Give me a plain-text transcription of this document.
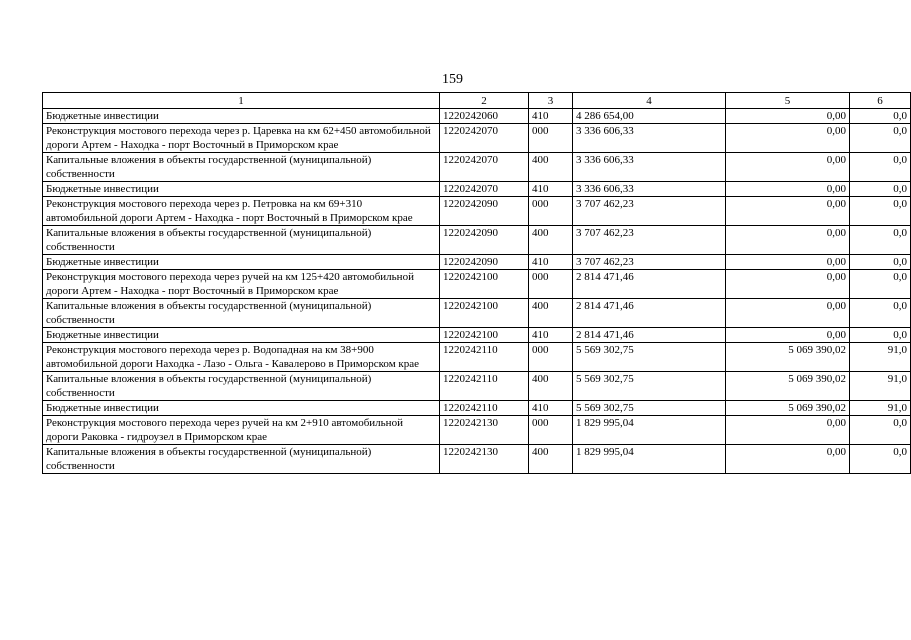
159
1	2	3	4	5	6
Бюджетные инвестиции	1220242060	410	4 286 654,00	0,00	0,0
Реконструкция мостового перехода через р. Царевка на км 62+450 автомобильной дороги Артем - Находка - порт Восточный в Приморском крае	1220242070	000	3 336 606,33	0,00	0,0
Капитальные вложения в объекты государственной (муниципальной) собственности	1220242070	400	3 336 606,33	0,00	0,0
Бюджетные инвестиции	1220242070	410	3 336 606,33	0,00	0,0
Реконструкция мостового перехода через р. Петровка на км 69+310 автомобильной дороги Артем - Находка - порт Восточный в Приморском крае	1220242090	000	3 707 462,23	0,00	0,0
Капитальные вложения в объекты государственной (муниципальной) собственности	1220242090	400	3 707 462,23	0,00	0,0
Бюджетные инвестиции	1220242090	410	3 707 462,23	0,00	0,0
Реконструкция мостового перехода через ручей на км 125+420 автомобильной дороги Артем - Находка - порт Восточный в Приморском крае	1220242100	000	2 814 471,46	0,00	0,0
Капитальные вложения в объекты государственной (муниципальной) собственности	1220242100	400	2 814 471,46	0,00	0,0
Бюджетные инвестиции	1220242100	410	2 814 471,46	0,00	0,0
Реконструкция мостового перехода через р. Водопадная на км 38+900 автомобильной дороги Находка - Лазо - Ольга - Кавалерово в Приморском крае	1220242110	000	5 569 302,75	5 069 390,02	91,0
Капитальные вложения в объекты государственной (муниципальной) собственности	1220242110	400	5 569 302,75	5 069 390,02	91,0
Бюджетные инвестиции	1220242110	410	5 569 302,75	5 069 390,02	91,0
Реконструкция мостового перехода через ручей на км 2+910 автомобильной дороги Раковка - гидроузел в Приморском крае	1220242130	000	1 829 995,04	0,00	0,0
Капитальные вложения в объекты государственной (муниципальной) собственности	1220242130	400	1 829 995,04	0,00	0,0
